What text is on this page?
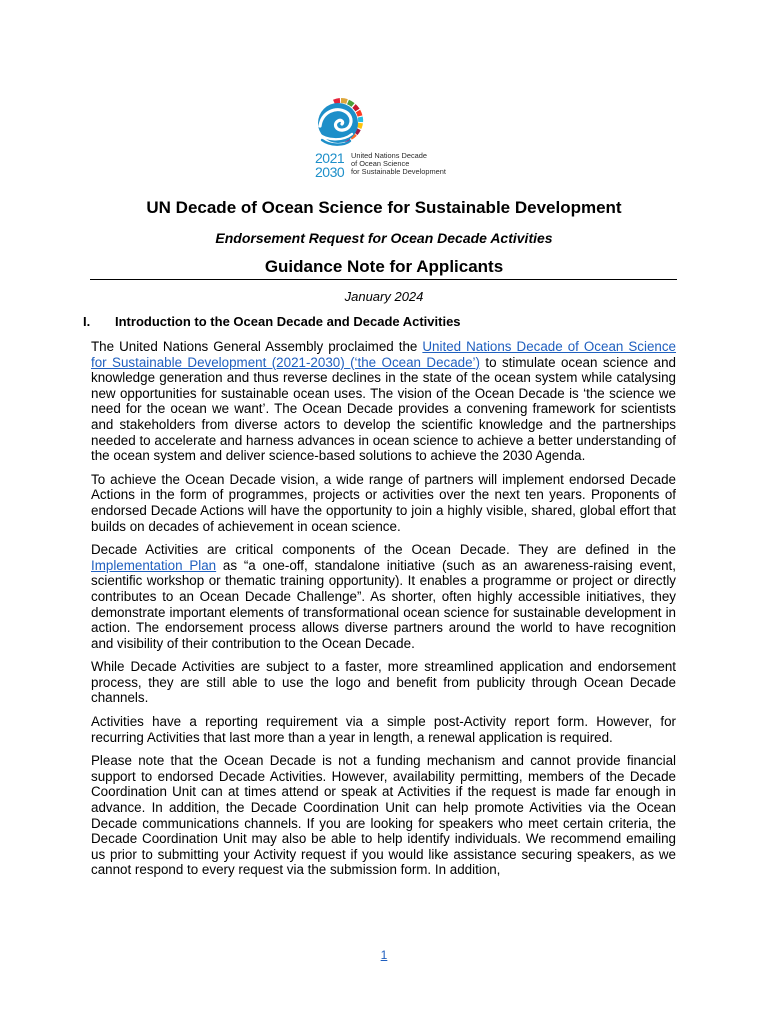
2021
2030
United Nations Decade
of Ocean Science
for Sustainable Development
UN Decade of Ocean Science for Sustainable Development
Endorsement Request for Ocean Decade Activities
Guidance Note for Applicants
January 2024
I. Introduction to the Ocean Decade and Decade Activities

The United Nations General Assembly proclaimed the United Nations Decade of Ocean Science for Sustainable Development (2021-2030) (‘the Ocean Decade’) to stimulate ocean science and knowledge generation and thus reverse declines in the state of the ocean system while catalysing new opportunities for sustainable ocean uses. The vision of the Ocean Decade is ‘the science we need for the ocean we want’. The Ocean Decade provides a convening framework for scientists and stakeholders from diverse actors to develop the scientific knowledge and the partnerships needed to accelerate and harness advances in ocean science to achieve a better understanding of the ocean system and deliver science-based solutions to achieve the 2030 Agenda.

To achieve the Ocean Decade vision, a wide range of partners will implement endorsed Decade Actions in the form of programmes, projects or activities over the next ten years. Proponents of endorsed Decade Actions will have the opportunity to join a highly visible, shared, global effort that builds on decades of achievement in ocean science.

Decade Activities are critical components of the Ocean Decade. They are defined in the Implementation Plan as “a one-off, standalone initiative (such as an awareness-raising event, scientific workshop or thematic training opportunity). It enables a programme or project or directly contributes to an Ocean Decade Challenge”. As shorter, often highly accessible initiatives, they demonstrate important elements of transformational ocean science for sustainable development in action. The endorsement process allows diverse partners around the world to have recognition and visibility of their contribution to the Ocean Decade.

While Decade Activities are subject to a faster, more streamlined application and endorsement process, they are still able to use the logo and benefit from publicity through Ocean Decade channels.

Activities have a reporting requirement via a simple post-Activity report form. However, for recurring Activities that last more than a year in length, a renewal application is required.

Please note that the Ocean Decade is not a funding mechanism and cannot provide financial support to endorsed Decade Activities. However, availability permitting, members of the Decade Coordination Unit can at times attend or speak at Activities if the request is made far enough in advance. In addition, the Decade Coordination Unit can help promote Activities via the Ocean Decade communications channels. If you are looking for speakers who meet certain criteria, the Decade Coordination Unit may also be able to help identify individuals. We recommend emailing us prior to submitting your Activity request if you would like assistance securing speakers, as we cannot respond to every request via the submission form. In addition,

1
